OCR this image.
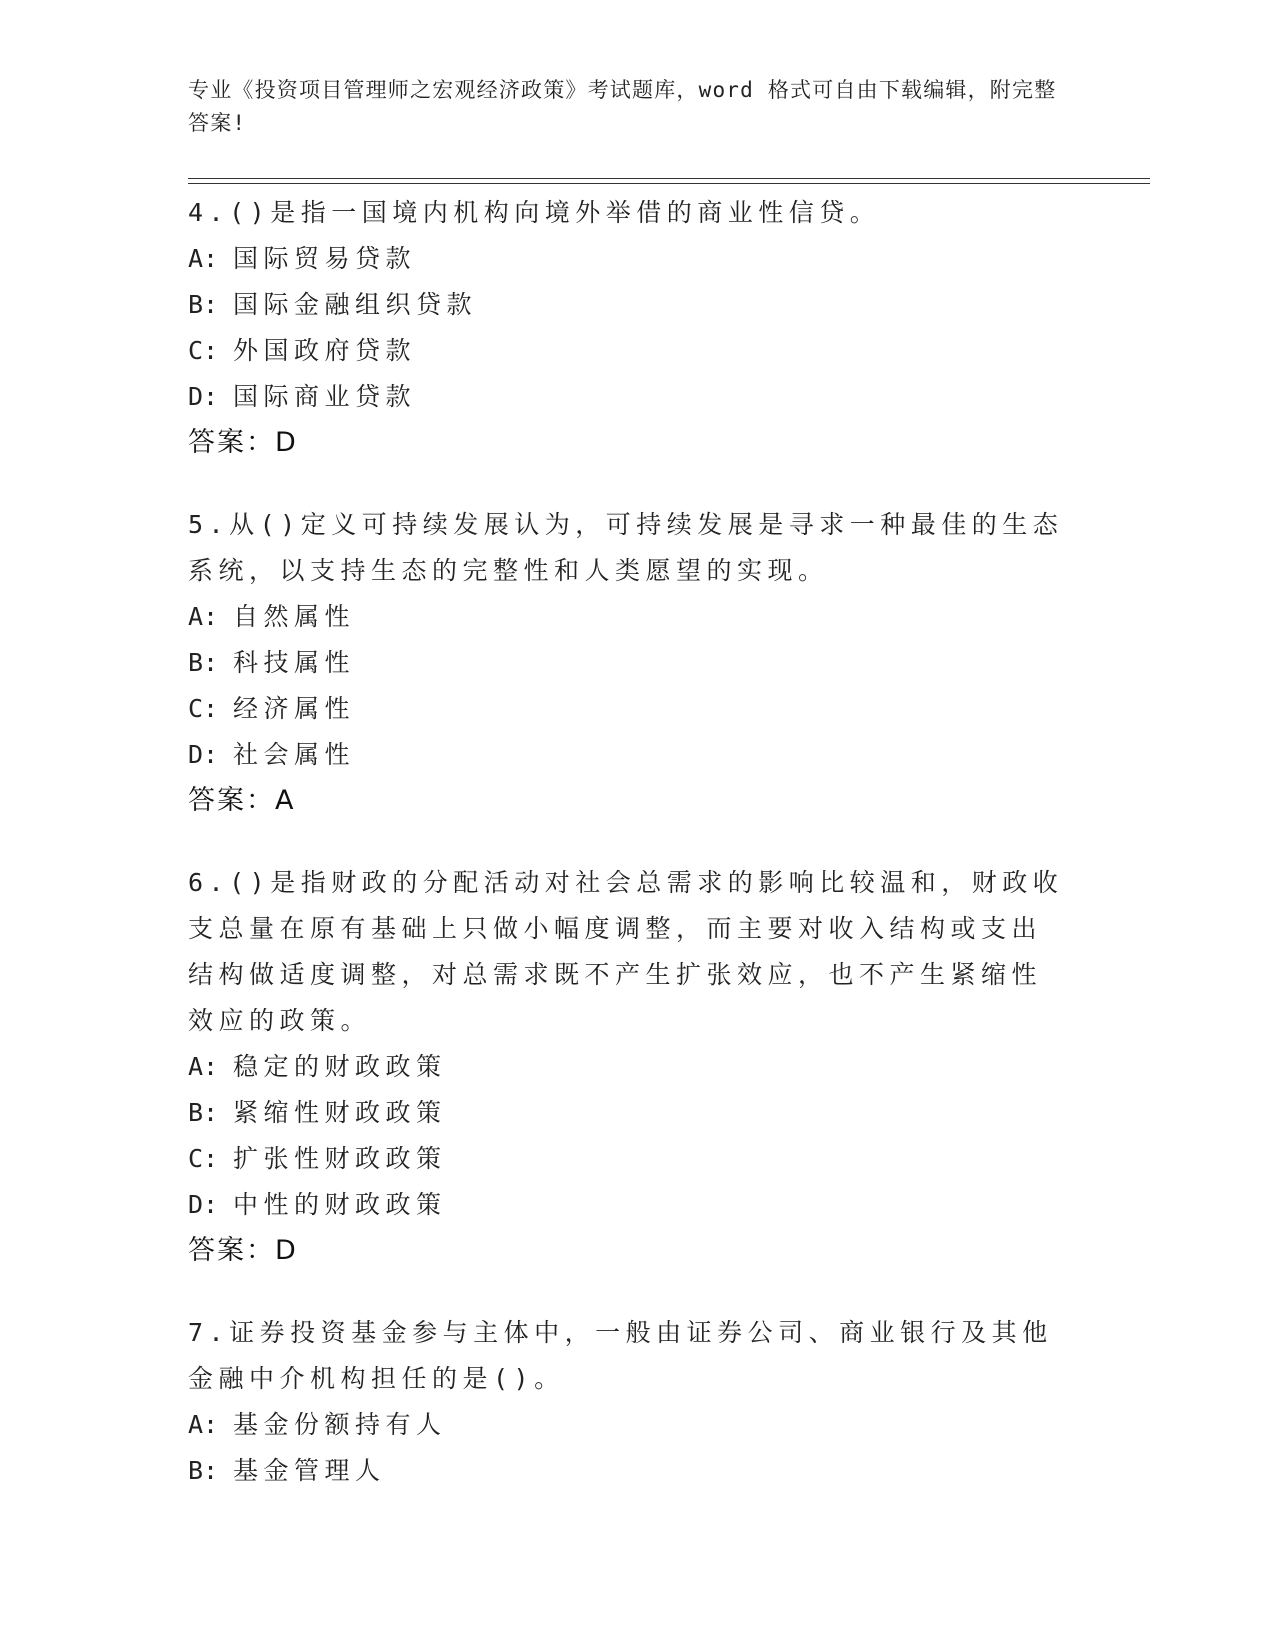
专业《投资项目管理师之宏观经济政策》考试题库，word 格式可自由下载编辑，附完整答案!
4.()是指一国境内机构向境外举借的商业性信贷。
A: 国际贸易贷款
B: 国际金融组织贷款
C: 外国政府贷款
D: 国际商业贷款
答案：D
5.从()定义可持续发展认为，可持续发展是寻求一种最佳的生态系统，以支持生态的完整性和人类愿望的实现。
A: 自然属性
B: 科技属性
C: 经济属性
D: 社会属性
答案：A
6.()是指财政的分配活动对社会总需求的影响比较温和，财政收支总量在原有基础上只做小幅度调整，而主要对收入结构或支出结构做适度调整，对总需求既不产生扩张效应，也不产生紧缩性效应的政策。
A: 稳定的财政政策
B: 紧缩性财政政策
C: 扩张性财政政策
D: 中性的财政政策
答案：D
7.证券投资基金参与主体中，一般由证券公司、商业银行及其他金融中介机构担任的是()。
A: 基金份额持有人
B: 基金管理人
